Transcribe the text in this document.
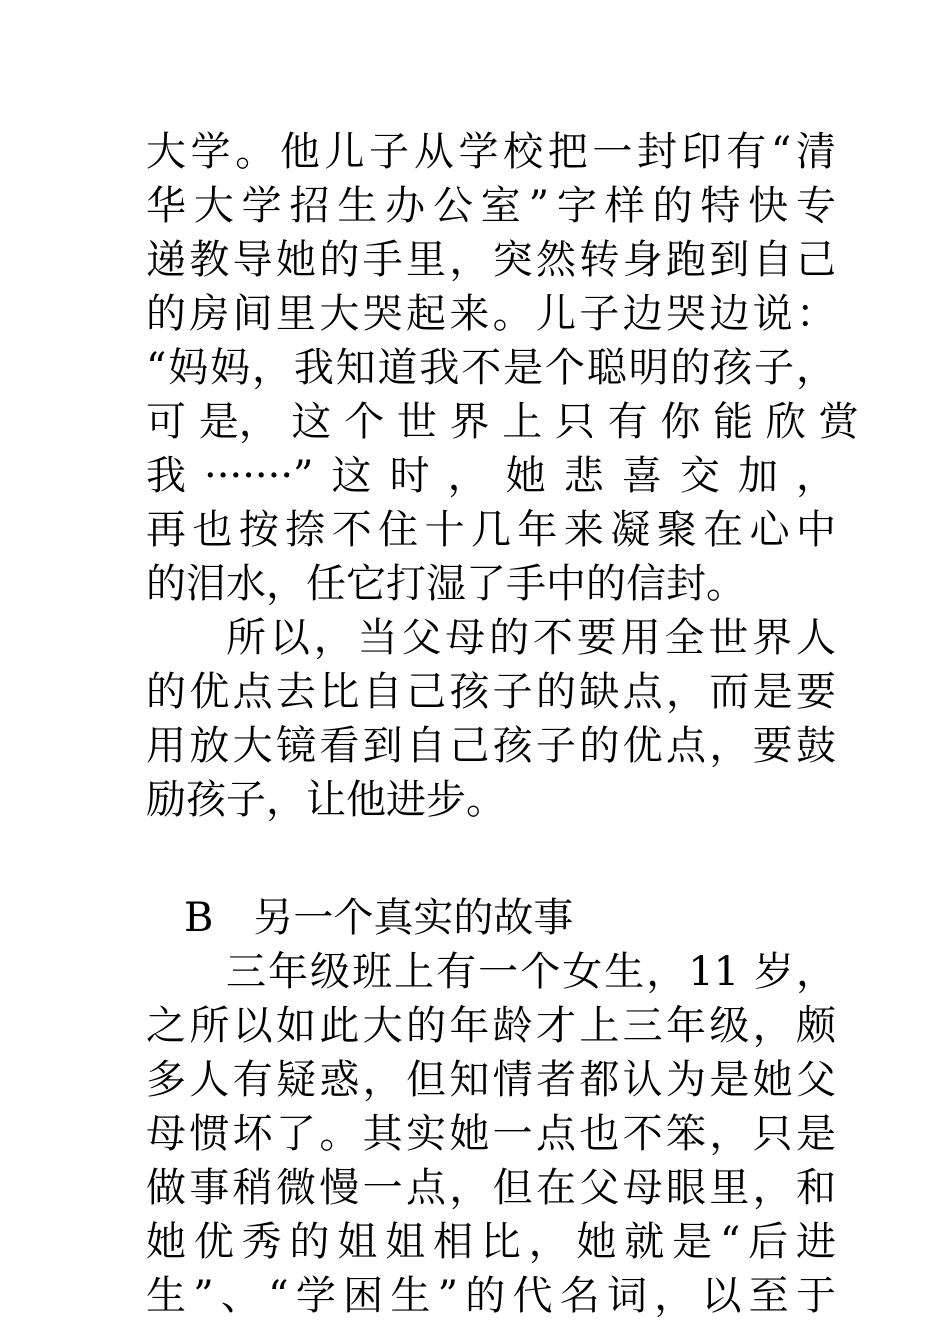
大学。他儿子从学校把一封印有“清
华大学招生办公室”字样的特快专
递教导她的手里，突然转身跑到自己
的房间里大哭起来。儿子边哭边说：
“妈妈，我知道我不是个聪明的孩子，
可 是， 这 个 世 界 上 只 有 你 能 欣 赏
我·······”这时，她悲喜交加，
再也按捺不住十几年来凝聚在心中
的泪水，任它打湿了手中的信封。
所以，当父母的不要用全世界人
的优点去比自己孩子的缺点，而是要
用放大镜看到自己孩子的优点，要鼓
励孩子，让他进步。
B　另一个真实的故事
三年级班上有一个女生，11 岁，
之所以如此大的年龄才上三年级，颇
多人有疑惑，但知情者都认为是她父
母惯坏了。其实她一点也不笨，只是
做事稍微慢一点，但在父母眼里，和
她优秀的姐姐相比，她就是“后进
生”、“学困生”的代名词，以至于
